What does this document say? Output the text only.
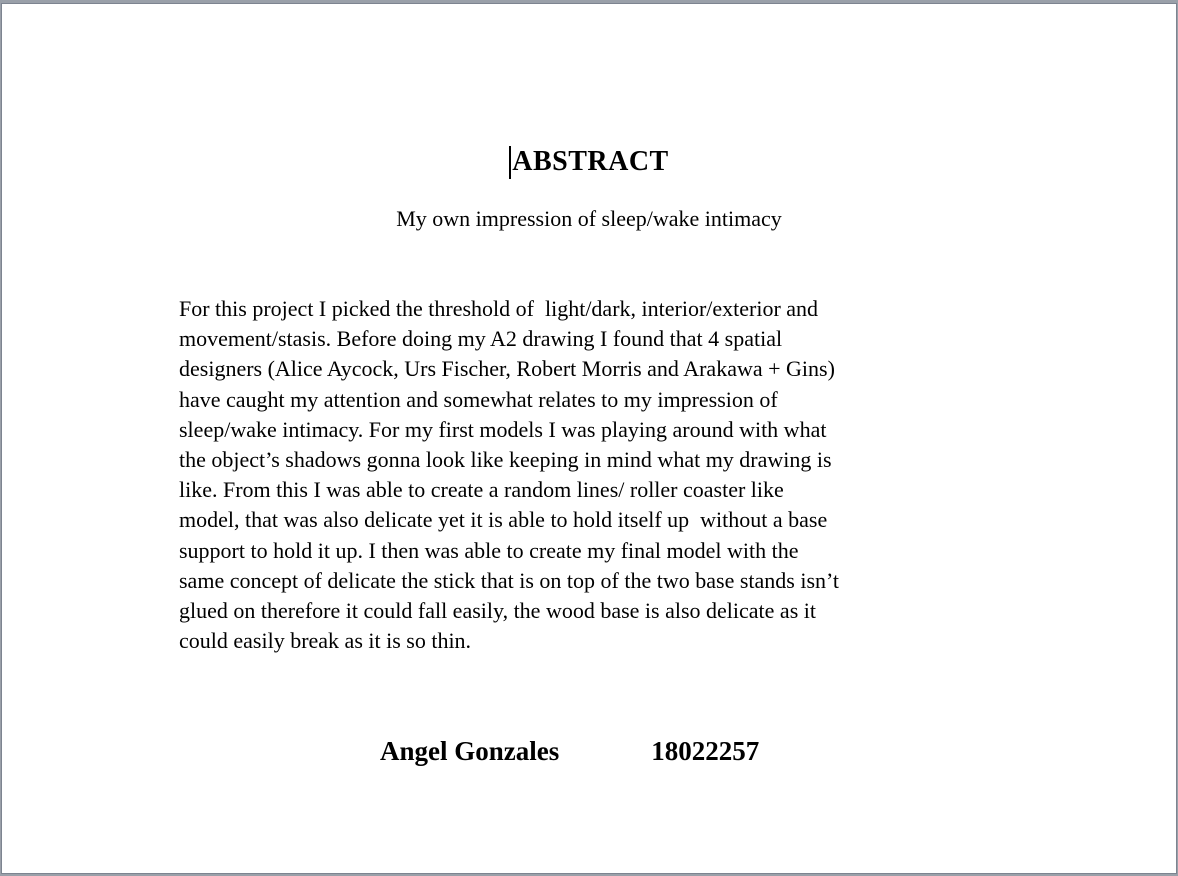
ABSTRACT
My own impression of sleep/wake intimacy
For this project I picked the threshold of  light/dark, interior/exterior and
movement/stasis. Before doing my A2 drawing I found that 4 spatial
designers (Alice Aycock, Urs Fischer, Robert Morris and Arakawa + Gins)
have caught my attention and somewhat relates to my impression of
sleep/wake intimacy. For my first models I was playing around with what
the object’s shadows gonna look like keeping in mind what my drawing is
like. From this I was able to create a random lines/ roller coaster like
model, that was also delicate yet it is able to hold itself up  without a base
support to hold it up. I then was able to create my final model with the
same concept of delicate the stick that is on top of the two base stands isn’t
glued on therefore it could fall easily, the wood base is also delicate as it
could easily break as it is so thin.
Angel Gonzales	18022257
